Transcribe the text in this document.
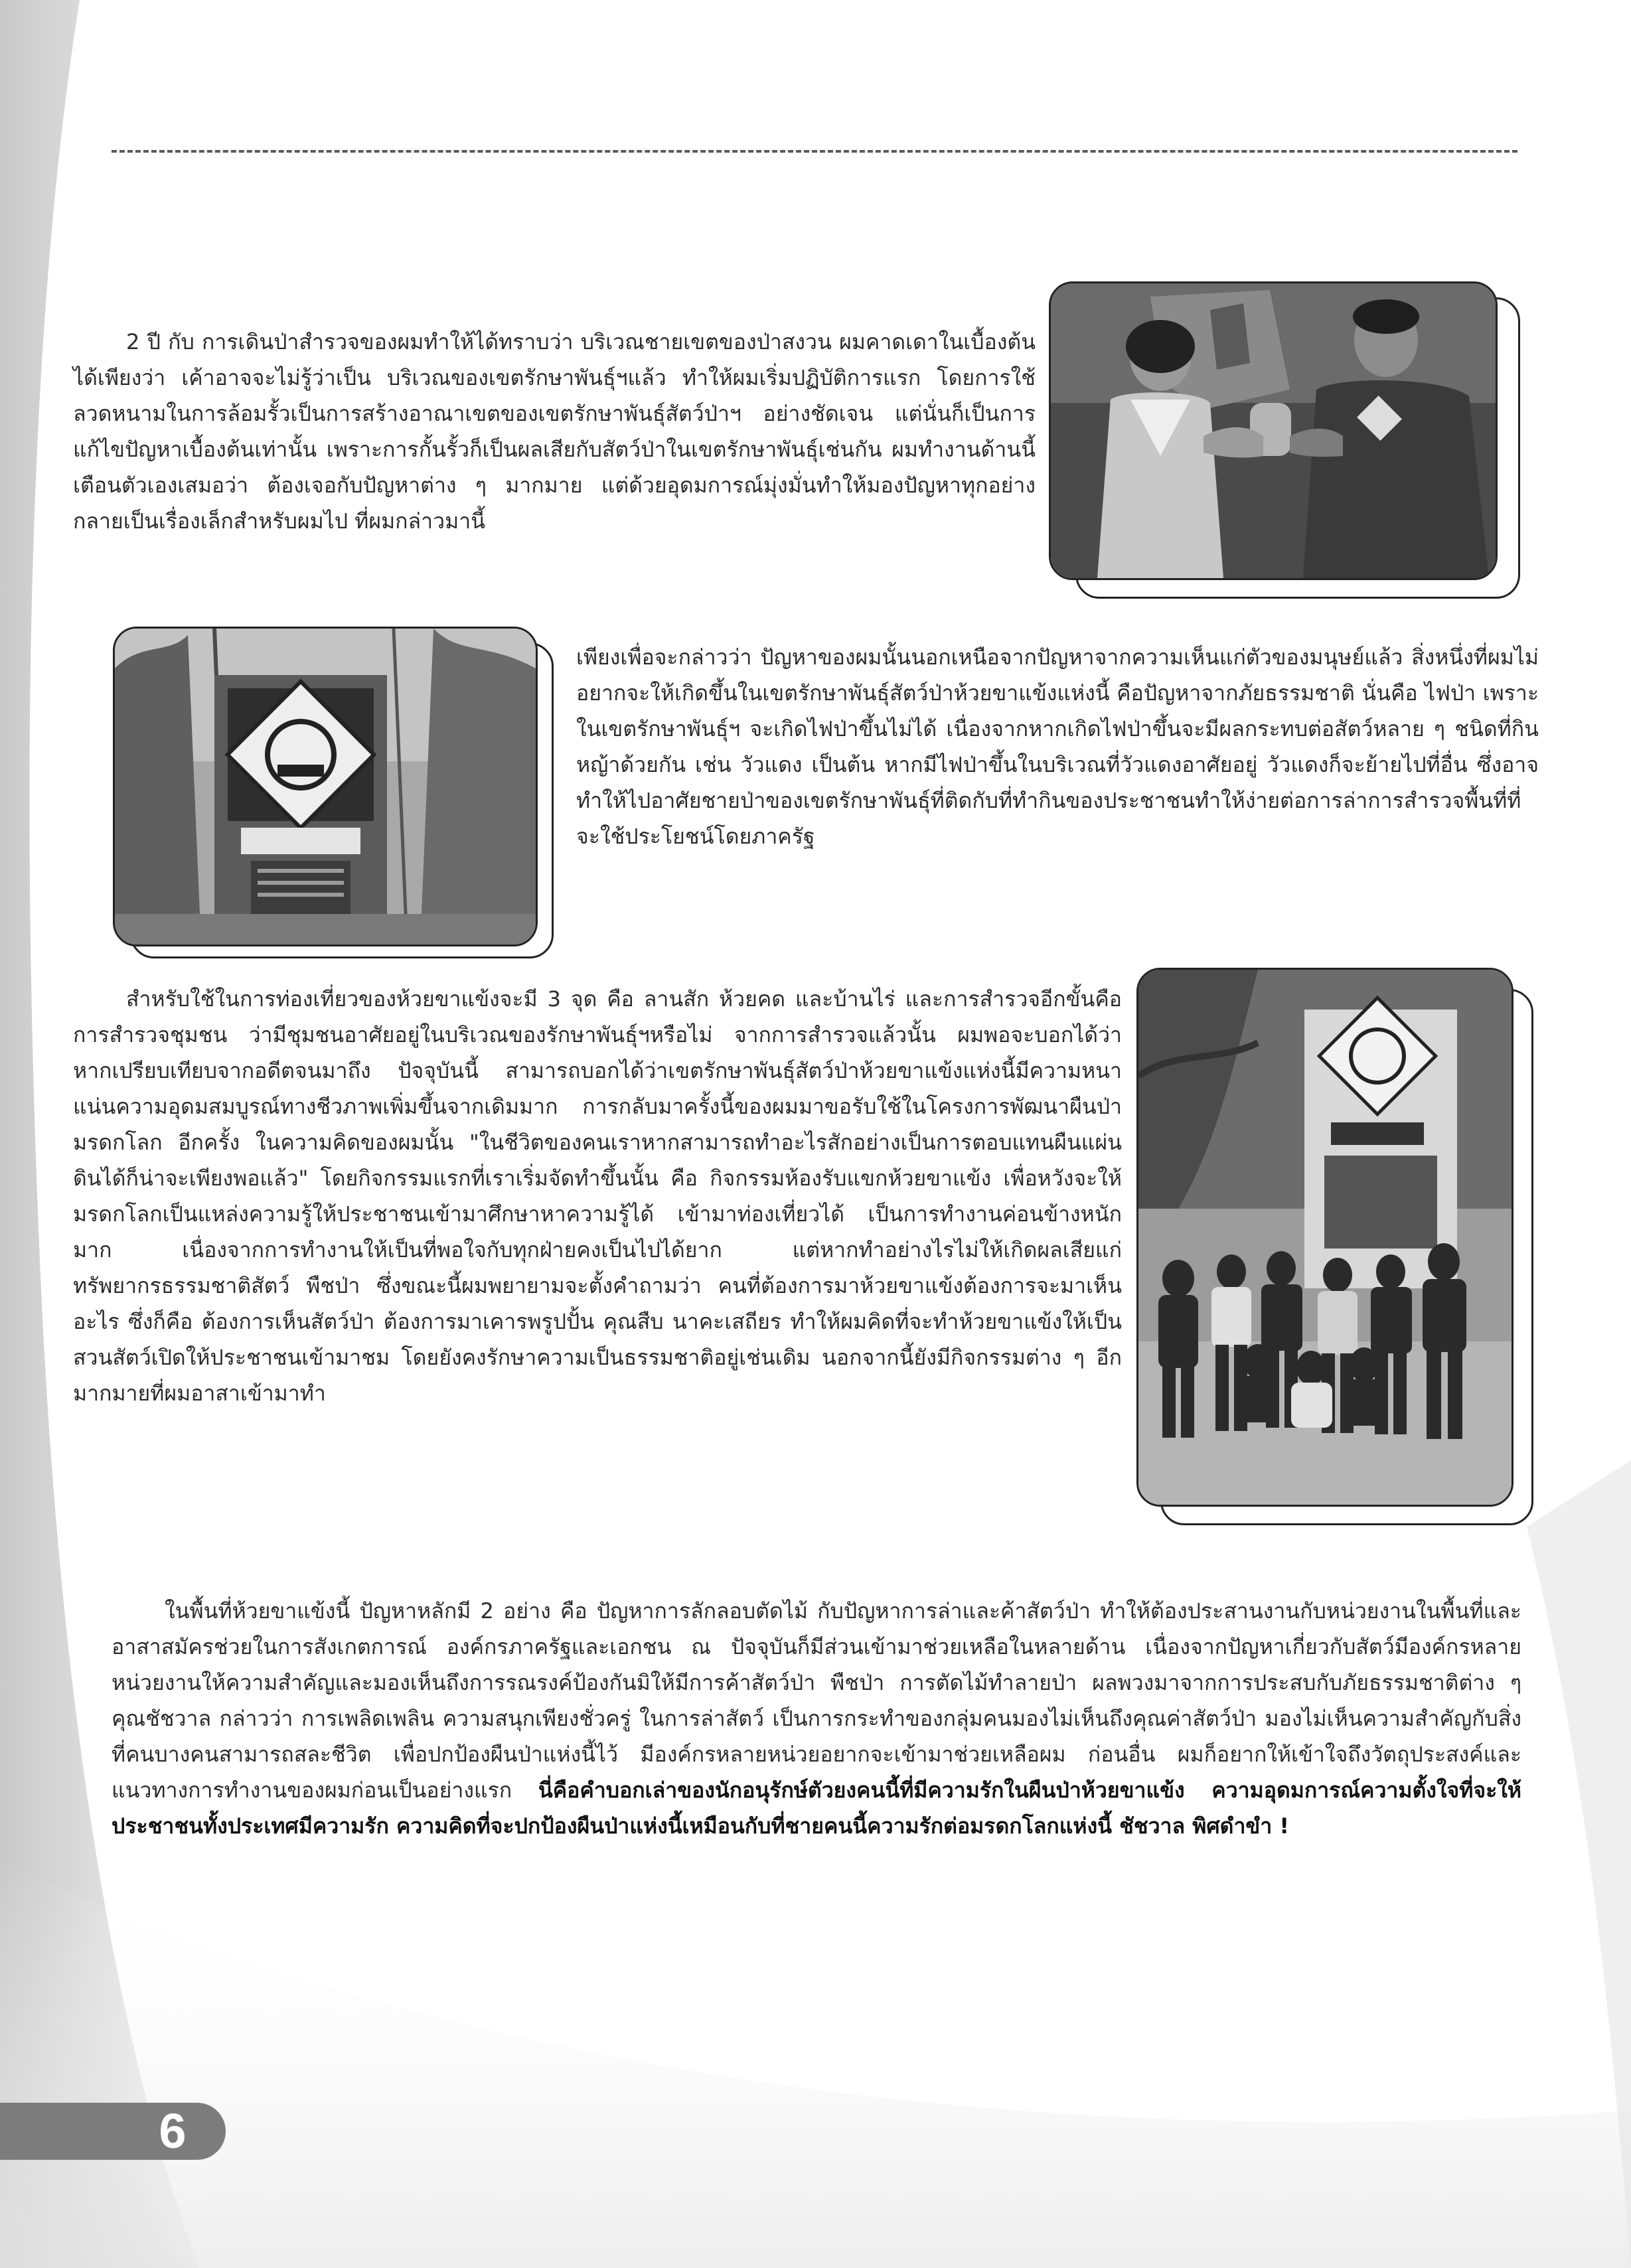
2 ปี กับ การเดินป่าสำรวจของผมทำให้ได้ทราบว่า บริเวณชายเขตของป่าสงวน ผมคาดเดาในเบื้องต้นได้เพียงว่า เค้าอาจจะไม่รู้ว่าเป็น บริเวณของเขตรักษาพันธุ์ฯแล้ว ทำให้ผมเริ่มปฏิบัติการแรก โดยการใช้ลวดหนามในการล้อมรั้วเป็นการสร้างอาณาเขตของเขตรักษาพันธุ์สัตว์ป่าฯ อย่างชัดเจน แต่นั่นก็เป็นการแก้ไขปัญหาเบื้องต้นเท่านั้น เพราะการกั้นรั้วก็เป็นผลเสียกับสัตว์ป่าในเขตรักษาพันธุ์เช่นกัน ผมทำงานด้านนี้เตือนตัวเองเสมอว่า ต้องเจอกับปัญหาต่าง ๆ มากมาย แต่ด้วยอุดมการณ์มุ่งมั่นทำให้มองปัญหาทุกอย่างกลายเป็นเรื่องเล็กสำหรับผมไป ที่ผมกล่าวมานี้

เพียงเพื่อจะกล่าวว่า ปัญหาของผมนั้นนอกเหนือจากปัญหาจากความเห็นแก่ตัวของมนุษย์แล้ว สิ่งหนึ่งที่ผมไม่อยากจะให้เกิดขึ้นในเขตรักษาพันธุ์สัตว์ป่าห้วยขาแข้งแห่งนี้ คือปัญหาจากภัยธรรมชาติ นั่นคือ ไฟป่า เพราะในเขตรักษาพันธุ์ฯ จะเกิดไฟป่าขึ้นไม่ได้ เนื่องจากหากเกิดไฟป่าขึ้นจะมีผลกระทบต่อสัตว์หลาย ๆ ชนิดที่กินหญ้าด้วยกัน เช่น วัวแดง เป็นต้น หากมีไฟป่าขึ้นในบริเวณที่วัวแดงอาศัยอยู่ วัวแดงก็จะย้ายไปที่อื่น ซึ่งอาจทำให้ไปอาศัยชายป่าของเขตรักษาพันธุ์ที่ติดกับที่ทำกินของประชาชนทำให้ง่ายต่อการล่าการสำรวจพื้นที่ที่จะใช้ประโยชน์โดยภาครัฐ

สำหรับใช้ในการท่องเที่ยวของห้วยขาแข้งจะมี 3 จุด คือ ลานสัก ห้วยคด และบ้านไร่ และการสำรวจอีกขั้นคือการสำรวจชุมชน ว่ามีชุมชนอาศัยอยู่ในบริเวณของรักษาพันธุ์ฯหรือไม่ จากการสำรวจแล้วนั้น ผมพอจะบอกได้ว่า หากเปรียบเทียบจากอดีตจนมาถึง ปัจจุบันนี้ สามารถบอกได้ว่าเขตรักษาพันธุ์สัตว์ป่าห้วยขาแข้งแห่งนี้มีความหนาแน่นความอุดมสมบูรณ์ทางชีวภาพเพิ่มขึ้นจากเดิมมาก การกลับมาครั้งนี้ของผมมาขอรับใช้ในโครงการพัฒนาผืนป่ามรดกโลก อีกครั้ง ในความคิดของผมนั้น "ในชีวิตของคนเราหากสามารถทำอะไรสักอย่างเป็นการตอบแทนผืนแผ่นดินได้ก็น่าจะเพียงพอแล้ว" โดยกิจกรรมแรกที่เราเริ่มจัดทำขึ้นนั้น คือ กิจกรรมห้องรับแขกห้วยขาแข้ง เพื่อหวังจะให้มรดกโลกเป็นแหล่งความรู้ให้ประชาชนเข้ามาศึกษาหาความรู้ได้ เข้ามาท่องเที่ยวได้ เป็นการทำงานค่อนข้างหนักมาก เนื่องจากการทำงานให้เป็นที่พอใจกับทุกฝ่ายคงเป็นไปได้ยาก แต่หากทำอย่างไรไม่ให้เกิดผลเสียแก่ทรัพยากรธรรมชาติสัตว์ พืชป่า ซึ่งขณะนี้ผมพยายามจะตั้งคำถามว่า คนที่ต้องการมาห้วยขาแข้งต้องการจะมาเห็นอะไร ซึ่งก็คือ ต้องการเห็นสัตว์ป่า ต้องการมาเคารพรูปปั้น คุณสืบ นาคะเสถียร ทำให้ผมคิดที่จะทำห้วยขาแข้งให้เป็นสวนสัตว์เปิดให้ประชาชนเข้ามาชม โดยยังคงรักษาความเป็นธรรมชาติอยู่เช่นเดิม นอกจากนี้ยังมีกิจกรรมต่าง ๆ อีกมากมายที่ผมอาสาเข้ามาทำ

ในพื้นที่ห้วยขาแข้งนี้ ปัญหาหลักมี 2 อย่าง คือ ปัญหาการลักลอบตัดไม้ กับปัญหาการล่าและค้าสัตว์ป่า ทำให้ต้องประสานงานกับหน่วยงานในพื้นที่และอาสาสมัครช่วยในการสังเกตการณ์ องค์กรภาครัฐและเอกชน ณ ปัจจุบันก็มีส่วนเข้ามาช่วยเหลือในหลายด้าน เนื่องจากปัญหาเกี่ยวกับสัตว์มีองค์กรหลายหน่วยงานให้ความสำคัญและมองเห็นถึงการรณรงค์ป้องกันมิให้มีการค้าสัตว์ป่า พืชป่า การตัดไม้ทำลายป่า ผลพวงมาจากการประสบกับภัยธรรมชาติต่าง ๆ คุณชัชวาล กล่าวว่า การเพลิดเพลิน ความสนุกเพียงชั่วครู่ ในการล่าสัตว์ เป็นการกระทำของกลุ่มคนมองไม่เห็นถึงคุณค่าสัตว์ป่า มองไม่เห็นความสำคัญกับสิ่งที่คนบางคนสามารถสละชีวิต เพื่อปกป้องผืนป่าแห่งนี้ไว้ มีองค์กรหลายหน่วยอยากจะเข้ามาช่วยเหลือผม ก่อนอื่น ผมก็อยากให้เข้าใจถึงวัตถุประสงค์และแนวทางการทำงานของผมก่อนเป็นอย่างแรก นี่คือคำบอกเล่าของนักอนุรักษ์ตัวยงคนนี้ที่มีความรักในผืนป่าห้วยขาแข้ง ความอุดมการณ์ความตั้งใจที่จะให้ประชาชนทั้งประเทศมีความรัก ความคิดที่จะปกป้องผืนป่าแห่งนี้เหมือนกับที่ชายคนนี้ความรักต่อมรดกโลกแห่งนี้ ชัชวาล พิศดำขำ !

6
